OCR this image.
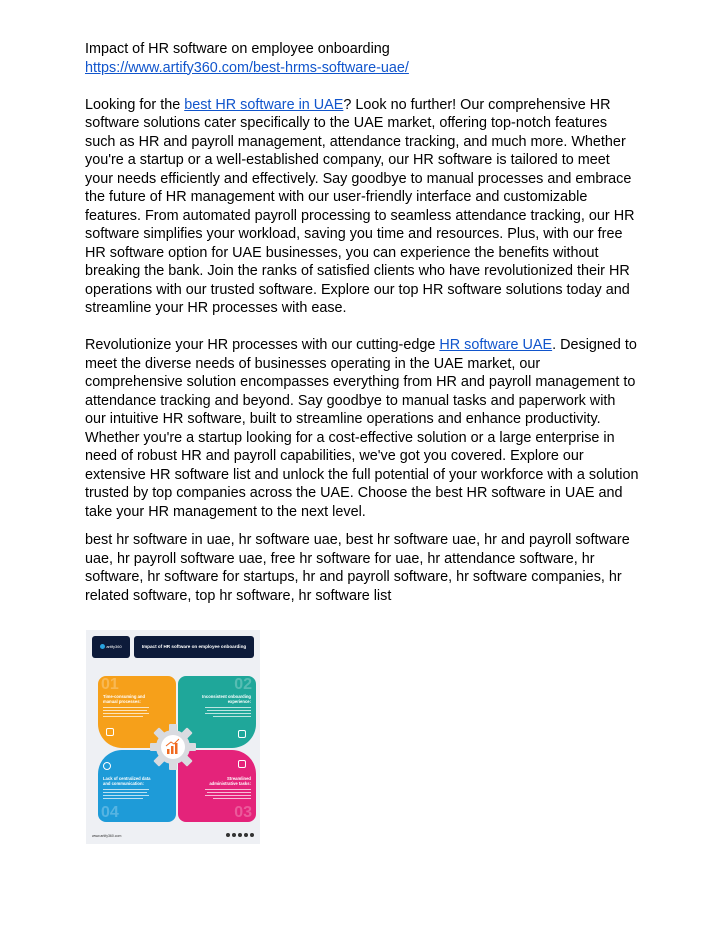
Impact of HR software on employee onboarding

https://www.artify360.com/best-hrms-software-uae/

Looking for the best HR software in UAE? Look no further! Our comprehensive HR software solutions cater specifically to the UAE market, offering top-notch features such as HR and payroll management, attendance tracking, and much more. Whether you're a startup or a well-established company, our HR software is tailored to meet your needs efficiently and effectively. Say goodbye to manual processes and embrace the future of HR management with our user-friendly interface and customizable features. From automated payroll processing to seamless attendance tracking, our HR software simplifies your workload, saving you time and resources. Plus, with our free HR software option for UAE businesses, you can experience the benefits without breaking the bank. Join the ranks of satisfied clients who have revolutionized their HR operations with our trusted software. Explore our top HR software solutions today and streamline your HR processes with ease.

Revolutionize your HR processes with our cutting-edge HR software UAE. Designed to meet the diverse needs of businesses operating in the UAE market, our comprehensive solution encompasses everything from HR and payroll management to attendance tracking and beyond. Say goodbye to manual tasks and paperwork with our intuitive HR software, built to streamline operations and enhance productivity. Whether you're a startup looking for a cost-effective solution or a large enterprise in need of robust HR and payroll capabilities, we've got you covered. Explore our extensive HR software list and unlock the full potential of your workforce with a solution trusted by top companies across the UAE. Choose the best HR software in UAE and take your HR management to the next level.

best hr software in uae, hr software uae, best hr software uae, hr and payroll software uae, hr payroll software uae, free hr software for uae, hr attendance software, hr software, hr software for startups, hr and payroll software, hr software companies, hr related software, top hr software, hr software list

artify360	Impact of HR software on employee onboarding
01
Time-consuming and manual processes:
02
Inconsistent onboarding experience:
Lack of centralized data and communication:
04
Streamlined administrative tasks:
03
www.artify360.com
